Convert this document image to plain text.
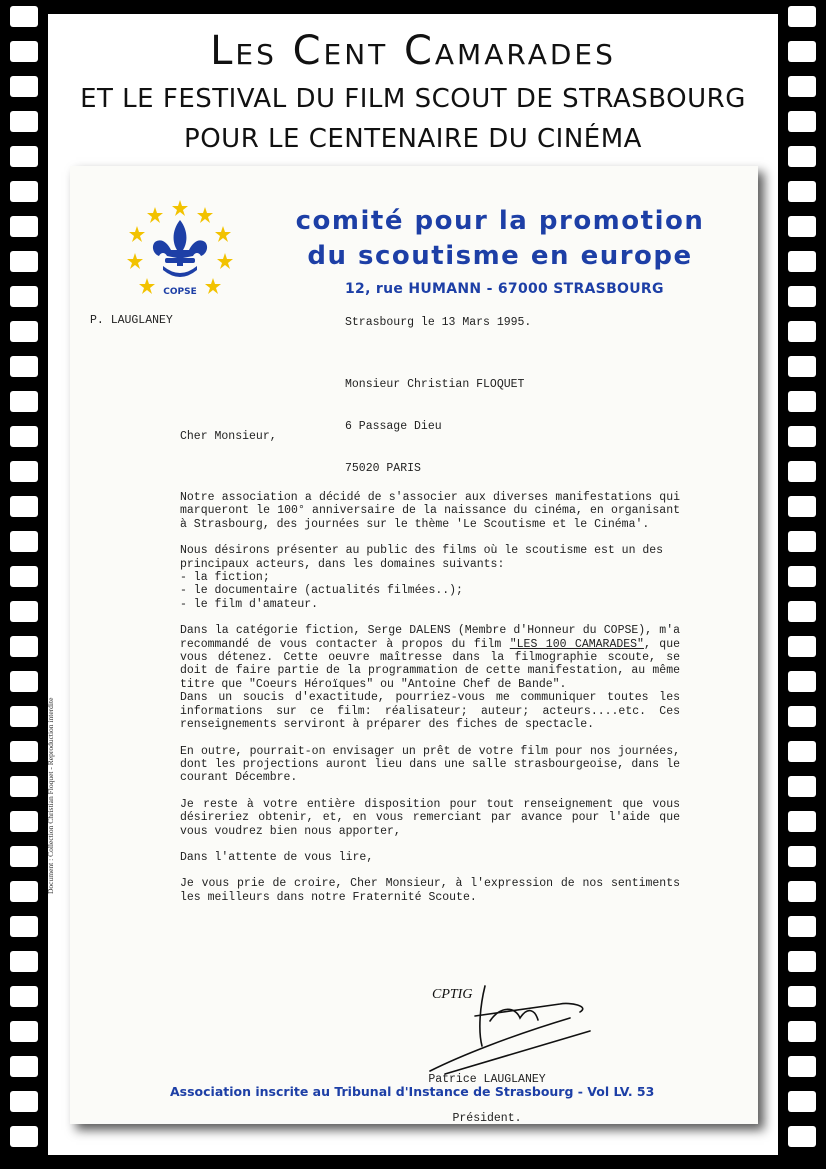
Les Cent Camarades
ET LE FESTIVAL DU FILM SCOUT DE STRASBOURG
POUR LE CENTENAIRE DU CINÉMA
COPSE
comité pour la promotion
du scoutisme en europe
12, rue HUMANN - 67000 STRASBOURG
P. LAUGLANEY	Strasbourg le 13 Mars 1995.

Monsieur Christian FLOQUET

6 Passage Dieu

75020 PARIS

Cher Monsieur,

Notre association a décidé de s'associer aux diverses manifestations qui marqueront le 100° anniversaire de la naissance du cinéma, en organisant à Strasbourg, des journées sur le thème 'Le Scoutisme et le Cinéma'.

Nous désirons présenter au public des films où le scoutisme est un des principaux acteurs, dans les domaines suivants:
- la fiction;
- le documentaire (actualités filmées..);
- le film d'amateur.

Dans la catégorie fiction, Serge DALENS (Membre d'Honneur du COPSE), m'a recommandé de vous contacter à propos du film "LES 100 CAMARADES", que vous détenez. Cette oeuvre maîtresse dans la filmographie scoute, se doit de faire partie de la programmation de cette manifestation, au même titre que "Coeurs Héroïques" ou "Antoine Chef de Bande".

Dans un soucis d'exactitude, pourriez-vous me communiquer toutes les informations sur ce film: réalisateur; auteur; acteurs....etc. Ces renseignements serviront à préparer des fiches de spectacle.

En outre, pourrait-on envisager un prêt de votre film pour nos journées, dont les projections auront lieu dans une salle strasbourgeoise, dans le courant Décembre.

Je reste à votre entière disposition pour tout renseignement que vous désireriez obtenir, et, en vous remerciant par avance pour l'aide que vous voudrez bien nous apporter,

Dans l'attente de vous lire,

Je vous prie de croire, Cher Monsieur, à l'expression de nos sentiments les meilleurs dans notre Fraternité Scoute.

CPTIG

Patrice LAUGLANEY

Président.

Association inscrite au Tribunal d'Instance de Strasbourg - Vol LV. 53
Document : Collection Christian Floquet - Reproduction interdite
